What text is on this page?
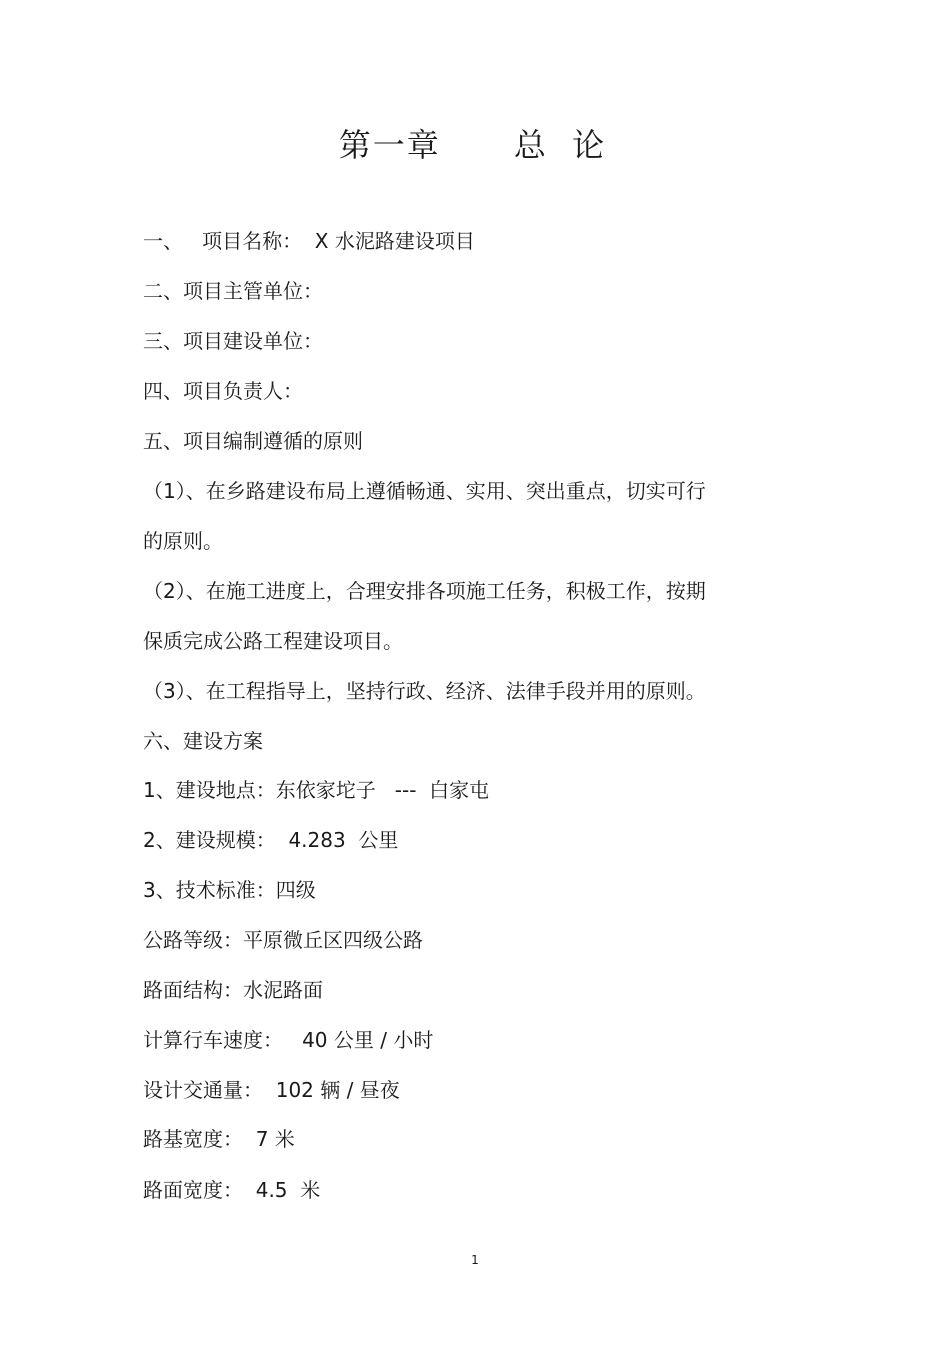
第一章      总  论

一、   项目名称：  X 水泥路建设项目

二、项目主管单位：

三、项目建设单位：

四、项目负责人：

五、项目编制遵循的原则

（1）、在乡路建设布局上遵循畅通、实用、突出重点，切实可行

的原则。

（2）、在施工进度上，合理安排各项施工任务，积极工作，按期

保质完成公路工程建设项目。

（3）、在工程指导上，坚持行政、经济、法律手段并用的原则。

六、建设方案

1、建设地点：东依家坨子   ---  白家屯

2、建设规模：  4.283  公里

3、技术标准：四级

公路等级：平原微丘区四级公路

路面结构：水泥路面

计算行车速度：   40 公里 / 小时

设计交通量：  102 辆 / 昼夜

路基宽度：  7 米

路面宽度：  4.5  米

1
